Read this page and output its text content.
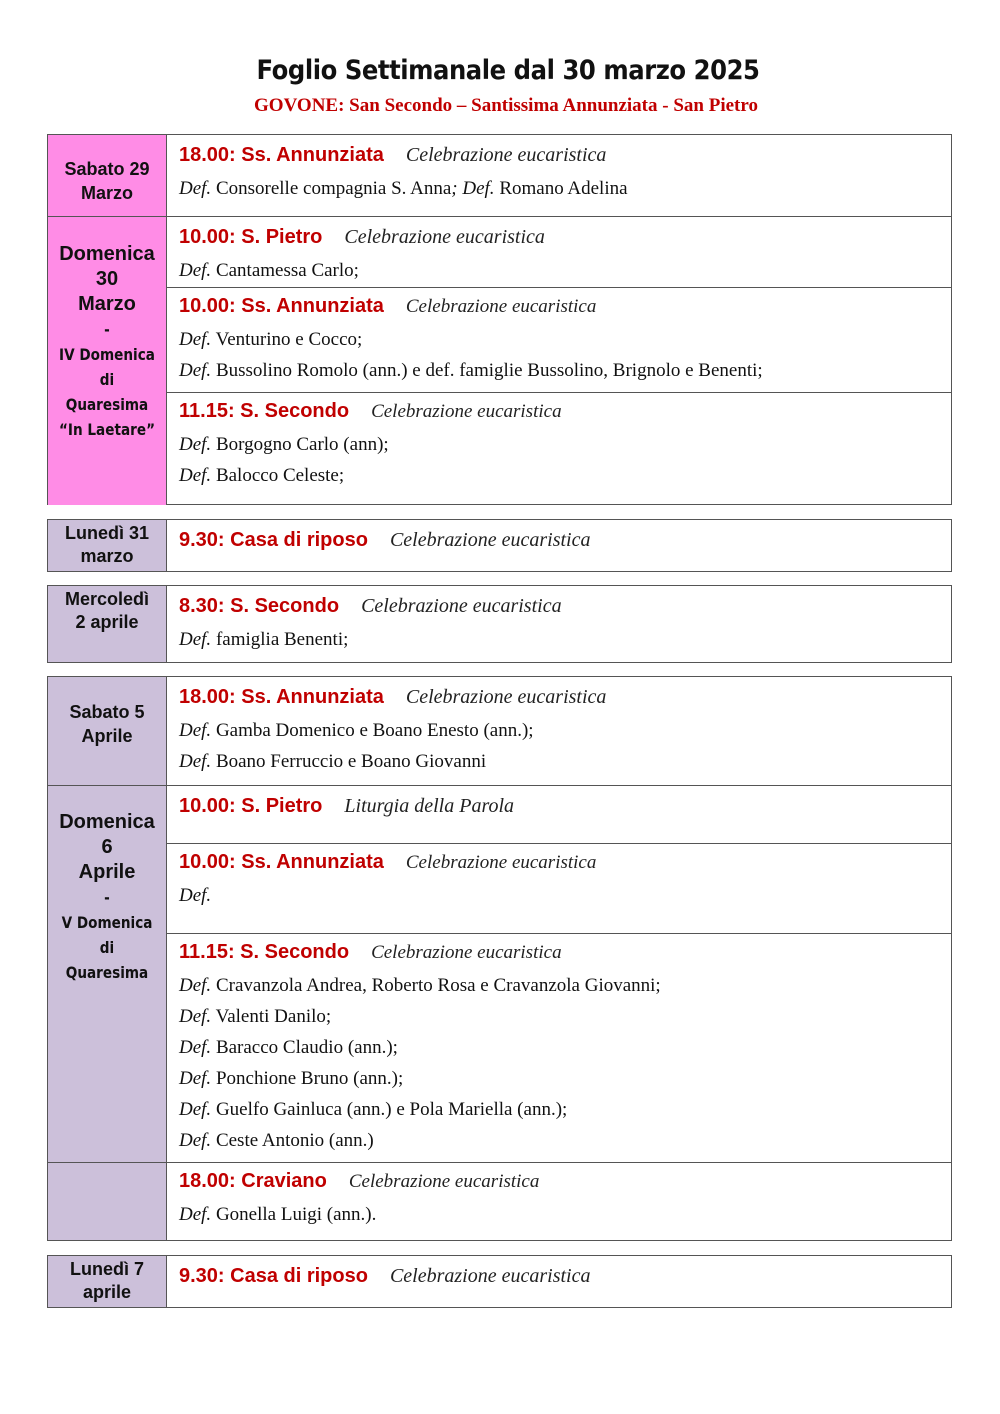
Foglio Settimanale dal 30 marzo 2025
GOVONE: San Secondo – Santissima Annunziata - San Pietro
Sabato 29
Marzo
18.00: Ss. Annunziata Celebrazione eucaristica
Def. Consorelle compagnia S. Anna; Def. Romano Adelina
Domenica
30
Marzo
-
IV Domenica
di
Quaresima
“In Laetare”
10.00: S. Pietro Celebrazione eucaristica
Def. Cantamessa Carlo;
10.00: Ss. Annunziata Celebrazione eucaristica
Def. Venturino e Cocco;
Def. Bussolino Romolo (ann.) e def. famiglie Bussolino, Brignolo e Benenti;
11.15: S. Secondo Celebrazione eucaristica
Def. Borgogno Carlo (ann);
Def. Balocco Celeste;
Lunedì 31
marzo
9.30: Casa di riposo Celebrazione eucaristica
Mercoledì
2 aprile
8.30: S. Secondo Celebrazione eucaristica
Def. famiglia Benenti;
Sabato 5
Aprile
18.00: Ss. Annunziata Celebrazione eucaristica
Def. Gamba Domenico e Boano Enesto (ann.);
Def. Boano Ferruccio e Boano Giovanni
Domenica
6
Aprile
-
V Domenica
di
Quaresima
10.00: S. Pietro Liturgia della Parola
10.00: Ss. Annunziata Celebrazione eucaristica
Def.
11.15: S. Secondo Celebrazione eucaristica
Def. Cravanzola Andrea, Roberto Rosa e Cravanzola Giovanni;
Def. Valenti Danilo;
Def. Baracco Claudio (ann.);
Def. Ponchione Bruno (ann.);
Def. Guelfo Gainluca (ann.) e Pola Mariella (ann.);
Def. Ceste Antonio (ann.)
18.00: Craviano Celebrazione eucaristica
Def. Gonella Luigi (ann.).
Lunedì 7
aprile
9.30: Casa di riposo Celebrazione eucaristica
